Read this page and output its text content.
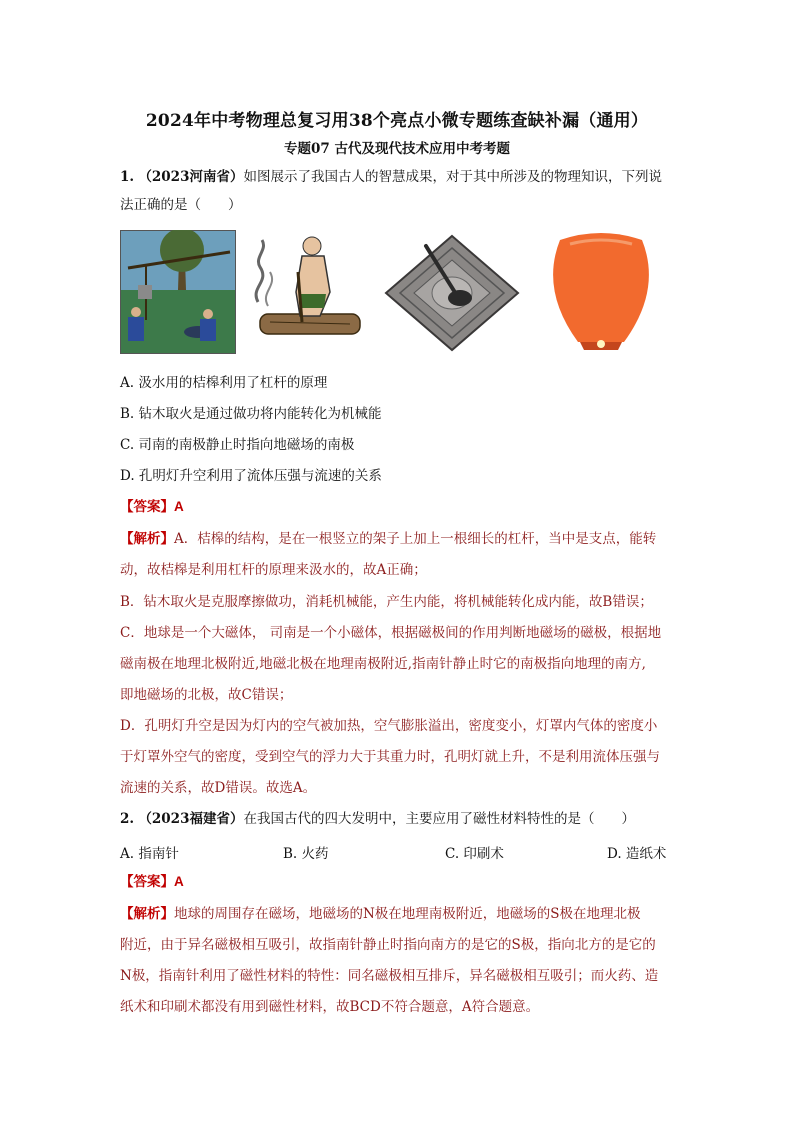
2024年中考物理总复习用38个亮点小微专题练查缺补漏（通用）
专题07 古代及现代技术应用中考考题
1. （2023河南省）如图展示了我国古人的智慧成果，对于其中所涉及的物理知识，下列说
法正确的是（　　）
A. 汲水用的桔槔利用了杠杆的原理
B. 钻木取火是通过做功将内能转化为机械能
C. 司南的南极静止时指向地磁场的南极
D. 孔明灯升空利用了流体压强与流速的关系
【答案】A
【解析】A．桔槔的结构，是在一根竖立的架子上加上一根细长的杠杆，当中是支点，能转
动，故桔槔是利用杠杆的原理来汲水的，故A正确；
B．钻木取火是克服摩擦做功，消耗机械能，产生内能，将机械能转化成内能，故B错误；
C．地球是一个大磁体， 司南是一个小磁体，根据磁极间的作用判断地磁场的磁极，根据地
磁南极在地理北极附近,地磁北极在地理南极附近,指南针静止时它的南极指向地理的南方,
即地磁场的北极，故C错误；
D．孔明灯升空是因为灯内的空气被加热，空气膨胀溢出，密度变小，灯罩内气体的密度小
于灯罩外空气的密度，受到空气的浮力大于其重力时，孔明灯就上升，不是利用流体压强与
流速的关系，故D错误。故选A。
2. （2023福建省）在我国古代的四大发明中，主要应用了磁性材料特性的是（　　）
A. 指南针	B. 火药	C. 印刷术	D. 造纸术
【答案】A
【解析】地球的周围存在磁场，地磁场的N极在地理南极附近，地磁场的S极在地理北极
附近，由于异名磁极相互吸引，故指南针静止时指向南方的是它的S极，指向北方的是它的
N极，指南针利用了磁性材料的特性：同名磁极相互排斥，异名磁极相互吸引；而火药、造
纸术和印刷术都没有用到磁性材料，故BCD不符合题意，A符合题意。
